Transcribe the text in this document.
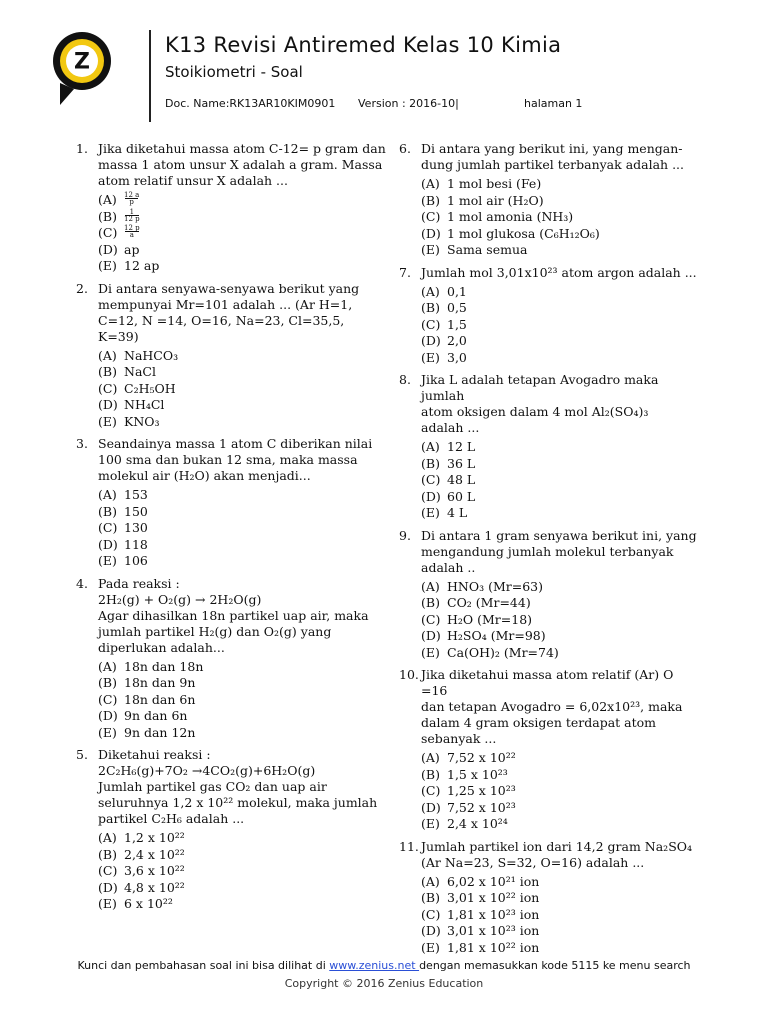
Z
K13 Revisi Antiremed Kelas 10 Kimia
Stoikiometri - Soal
Doc. Name:RK13AR10KIM0901 Version : 2016-10|	halaman 1
1. Jika diketahui massa atom C-12= p gram dan
massa 1 atom unsur X adalah a gram. Massa
atom relatif unsur X adalah ...
(A)	12 a
p
(B)	1
12 p
(C) 12 p
a
(D) ap
(E) 12 ap
2. Di antara senyawa-senyawa berikut yang
mempunyai Mr=101 adalah ... (Ar H=1,
C=12, N =14, O=16, Na=23, Cl=35,5,
K=39)
(A) NaHCO₃
(B) NaCl
(C) C₂H₅OH
(D) NH₄Cl
(E) KNO₃
3. Seandainya massa 1 atom C diberikan nilai
100 sma dan bukan 12 sma, maka massa
molekul air (H₂O) akan menjadi...
(A) 153
(B) 150
(C) 130
(D) 118
(E) 106
4. Pada reaksi :
2H₂(g) + O₂(g) → 2H₂O(g)
Agar dihasilkan 18n partikel uap air, maka
jumlah partikel H₂(g) dan O₂(g) yang
diperlukan adalah...
(A) 18n dan 18n
(B) 18n dan 9n
(C) 18n dan 6n
(D) 9n dan 6n
(E) 9n dan 12n
5. Diketahui reaksi :
2C₂H₆(g)+7O₂ →4CO₂(g)+6H₂O(g)
Jumlah partikel gas CO₂ dan uap air
seluruhnya 1,2 x 10²² molekul, maka jumlah
partikel C₂H₆ adalah ...
(A) 1,2 x 10²²
(B) 2,4 x 10²²
(C) 3,6 x 10²²
(D) 4,8 x 10²²
(E) 6 x 10²²
6. Di antara yang berikut ini, yang mengan-
dung jumlah partikel terbanyak adalah ...
(A) 1 mol besi (Fe)
(B) 1 mol air (H₂O)
(C) 1 mol amonia (NH₃)
(D) 1 mol glukosa (C₆H₁₂O₆)
(E) Sama semua
7. Jumlah mol 3,01x10²³ atom argon adalah ...
(A) 0,1
(B) 0,5
(C) 1,5
(D) 2,0
(E) 3,0
8. Jika L adalah tetapan Avogadro maka jumlah
atom oksigen dalam 4 mol Al₂(SO₄)₃
adalah ...
(A) 12 L
(B) 36 L
(C) 48 L
(D) 60 L
(E) 4 L
9. Di antara 1 gram senyawa berikut ini, yang
mengandung jumlah molekul terbanyak
adalah ..
(A) HNO₃ (Mr=63)
(B) CO₂ (Mr=44)
(C) H₂O (Mr=18)
(D) H₂SO₄ (Mr=98)
(E) Ca(OH)₂ (Mr=74)
10. Jika diketahui massa atom relatif (Ar) O =16
dan tetapan Avogadro = 6,02x10²³, maka
dalam 4 gram oksigen terdapat atom
sebanyak ...
(A) 7,52 x 10²²
(B) 1,5 x 10²³
(C) 1,25 x 10²³
(D) 7,52 x 10²³
(E) 2,4 x 10²⁴
11. Jumlah partikel ion dari 14,2 gram Na₂SO₄
(Ar Na=23, S=32, O=16) adalah ...
(A) 6,02 x 10²¹ ion
(B) 3,01 x 10²² ion
(C) 1,81 x 10²³ ion
(D) 3,01 x 10²³ ion
(E) 1,81 x 10²² ion
Kunci dan pembahasan soal ini bisa dilihat di www.zenius.net dengan memasukkan kode 5115 ke menu search
Copyright © 2016 Zenius Education
